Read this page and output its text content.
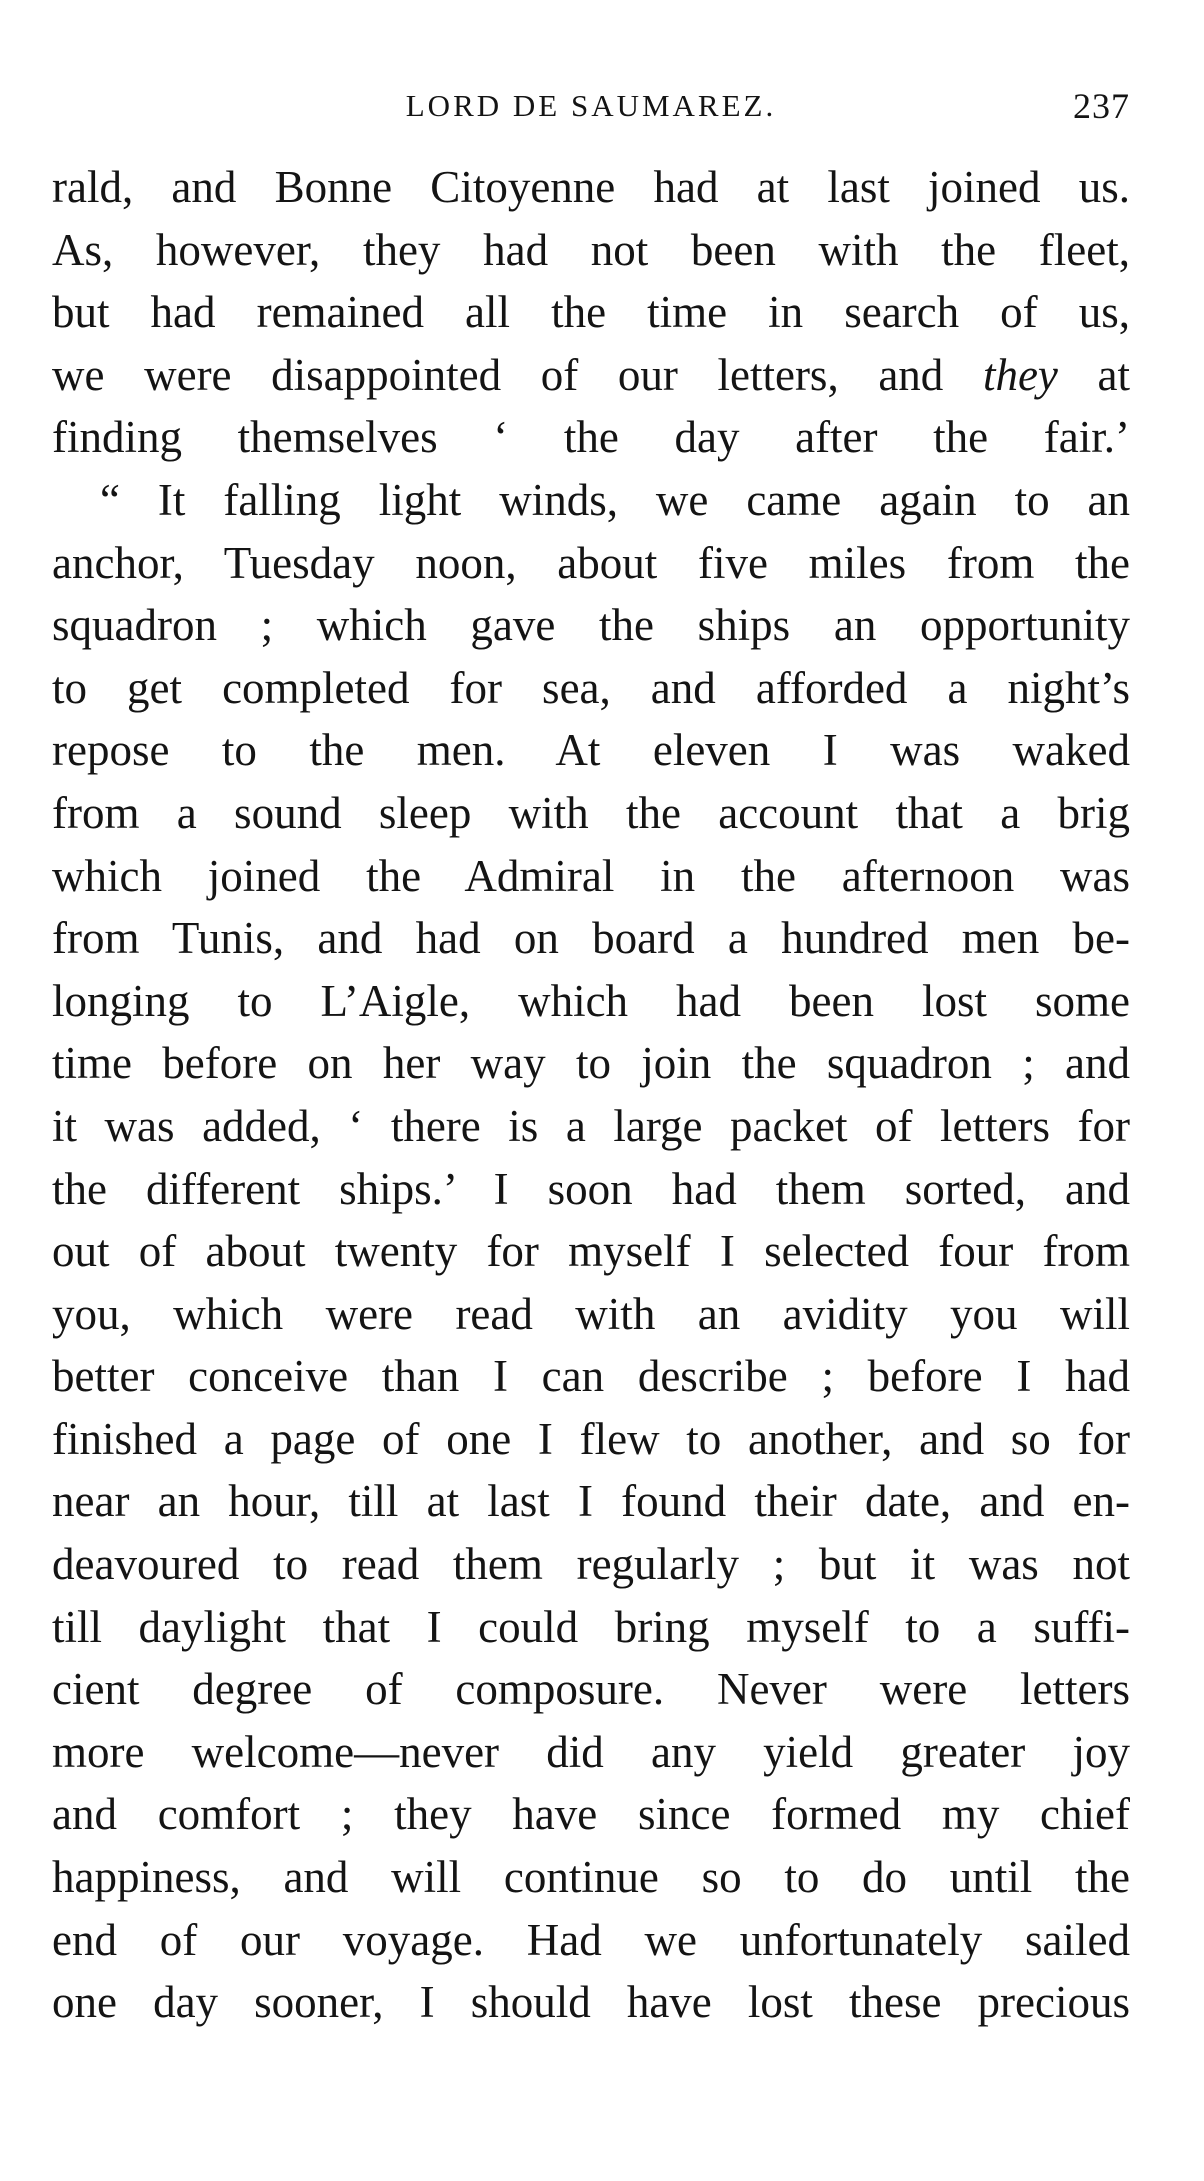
LORD DE SAUMAREZ.	237
rald, and Bonne Citoyenne had at last joined us.
As, however, they had not been with the fleet,
but had remained all the time in search of us,
we were disappointed of our letters, and they at
finding themselves ‘ the day after the fair.’
“ It falling light winds, we came again to an
anchor, Tuesday noon, about five miles from the
squadron ; which gave the ships an opportunity
to get completed for sea, and afforded a night’s
repose to the men. At eleven I was waked
from a sound sleep with the account that a brig
which joined the Admiral in the afternoon was
from Tunis, and had on board a hundred men be-
longing to L’Aigle, which had been lost some
time before on her way to join the squadron ; and
it was added, ‘ there is a large packet of letters for
the different ships.’ I soon had them sorted, and
out of about twenty for myself I selected four from
you, which were read with an avidity you will
better conceive than I can describe ; before I had
finished a page of one I flew to another, and so for
near an hour, till at last I found their date, and en-
deavoured to read them regularly ; but it was not
till daylight that I could bring myself to a suffi-
cient degree of composure. Never were letters
more welcome—never did any yield greater joy
and comfort ; they have since formed my chief
happiness, and will continue so to do until the
end of our voyage. Had we unfortunately sailed
one day sooner, I should have lost these precious
